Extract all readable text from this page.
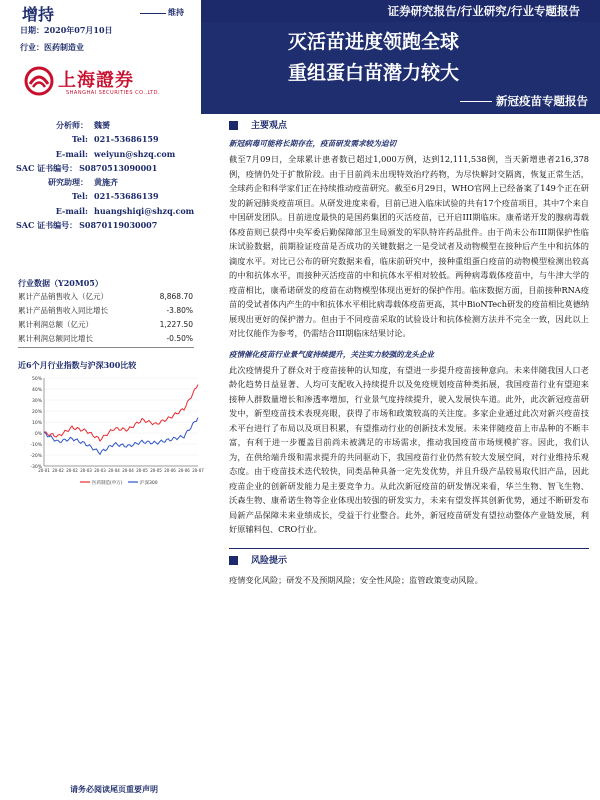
增持	维持
日期：2020年07月10日
行业：医药制造业
上海證券
SHANGHAI SECURITIES CO.,LTD.
证券研究报告/行业研究/行业专题报告
灭活苗进度领跑全球
重组蛋白苗潜力较大
新冠疫苗专题报告
分析师： 魏赟
Tel: 021-53686159
E-mail: weiyun@shzq.com
SAC 证书编号： S0870513090001
研究助理： 黄施齐
Tel: 021-53686139
E-mail: huangshiqi@shzq.com
SAC 证书编号： S0870119030007
行业数据（Y20M05）
累计产品销售收入（亿元）	8,868.70
累计产品销售收入同比增长	-3.80%
累计利润总额（亿元）	1,227.50
累计利润总额同比增长	-0.50%
近6个月行业指数与沪深300比较
50%
40%
30%
20%
10%
0%
-10%
-20%
-30%
20-01 20-02 20-02 20-03 20-03 20-04 20-04 20-05 20-05 20-06 20-06 20-07
医药制造(申万)	沪深300
主要观点
新冠病毒可能将长期存在，疫苗研发需求较为迫切
截至7月09日，全球累计患者数已超过1,000万例，达到12,111,538例，当天新增患者216,378例，疫情仍处于扩散阶段。由于目前尚未出现特效治疗药物，为尽快解封交隔离，恢复正常生活，全球药企和科学家们正在持续推动疫苗研究。截至6月29日，WHO官网上已经备案了149个正在研发的新冠肺炎疫苗项目。从研发进度来看，目前已进入临床试验的共有17个疫苗项目，其中7个来自中国研发团队。目前进度最快的是国药集团的灭活疫苗，已开启III期临床。康希诺开发的腺病毒载体疫苗则已获得中央军委后勤保障部卫生局颁发的军队特许药品批件。由于尚未公布III期保护性临床试验数据，前期验证疫苗是否成功的关键数据之一是受试者及动物模型在接种后产生中和抗体的滴度水平。对比已公布的研究数据来看，临床前研究中，接种重组蛋白疫苗的动物模型检测出较高的中和抗体水平，而接种灭活疫苗的中和抗体水平相对较低。两种病毒载体疫苗中，与牛津大学的疫苗相比，康希诺研发的疫苗在动物模型体现出更好的保护作用。临床数据方面，目前接种RNA疫苗的受试者体内产生的中和抗体水平相比病毒载体疫苗更高，其中BioNTech研发的疫苗相比莫德纳展现出更好的保护潜力。但由于不同疫苗采取的试验设计和抗体检测方法并不完全一致，因此以上对比仅能作为参考，仍需结合III期临床结果讨论。
疫情催化疫苗行业景气度持续提升，关注实力较强的龙头企业
此次疫情提升了群众对于疫苗接种的认知度，有望进一步提升疫苗接种意向。未来伴随我国人口老龄化趋势日益显著、人均可支配收入持续提升以及免疫规划疫苗种类拓展，我国疫苗行业有望迎来接种人群数量增长和渗透率增加，行业景气度持续提升，驶入发展快车道。此外，此次新冠疫苗研发中，新型疫苗技术表现亮眼，获得了市场和政策较高的关注度。多家企业通过此次对新兴疫苗技术平台进行了布局以及项目积累，有望推动行业的创新技术发展。未来伴随疫苗上市品种的不断丰富，有利于进一步覆盖目前尚未被满足的市场需求，推动我国疫苗市场规模扩容。因此，我们认为，在供给端升级和需求提升的共同驱动下，我国疫苗行业仍然有较大发展空间，对行业维持乐观态度。由于疫苗技术迭代较快，同类品种具备一定先发优势，并且升级产品较易取代旧产品，因此疫苗企业的创新研发能力是主要竞争力。从此次新冠疫苗的研发情况来看，华兰生物、智飞生物、沃森生物、康希诺生物等企业体现出较强的研发实力，未来有望发挥其创新优势，通过不断研发布局新产品保障未来业绩成长，受益于行业整合。此外，新冠疫苗研发有望拉动整体产业链发展，利好原辅料包、CRO行业。
风险提示
疫情变化风险；研发不及预期风险；安全性风险；监管政策变动风险。
请务必阅读尾页重要声明
